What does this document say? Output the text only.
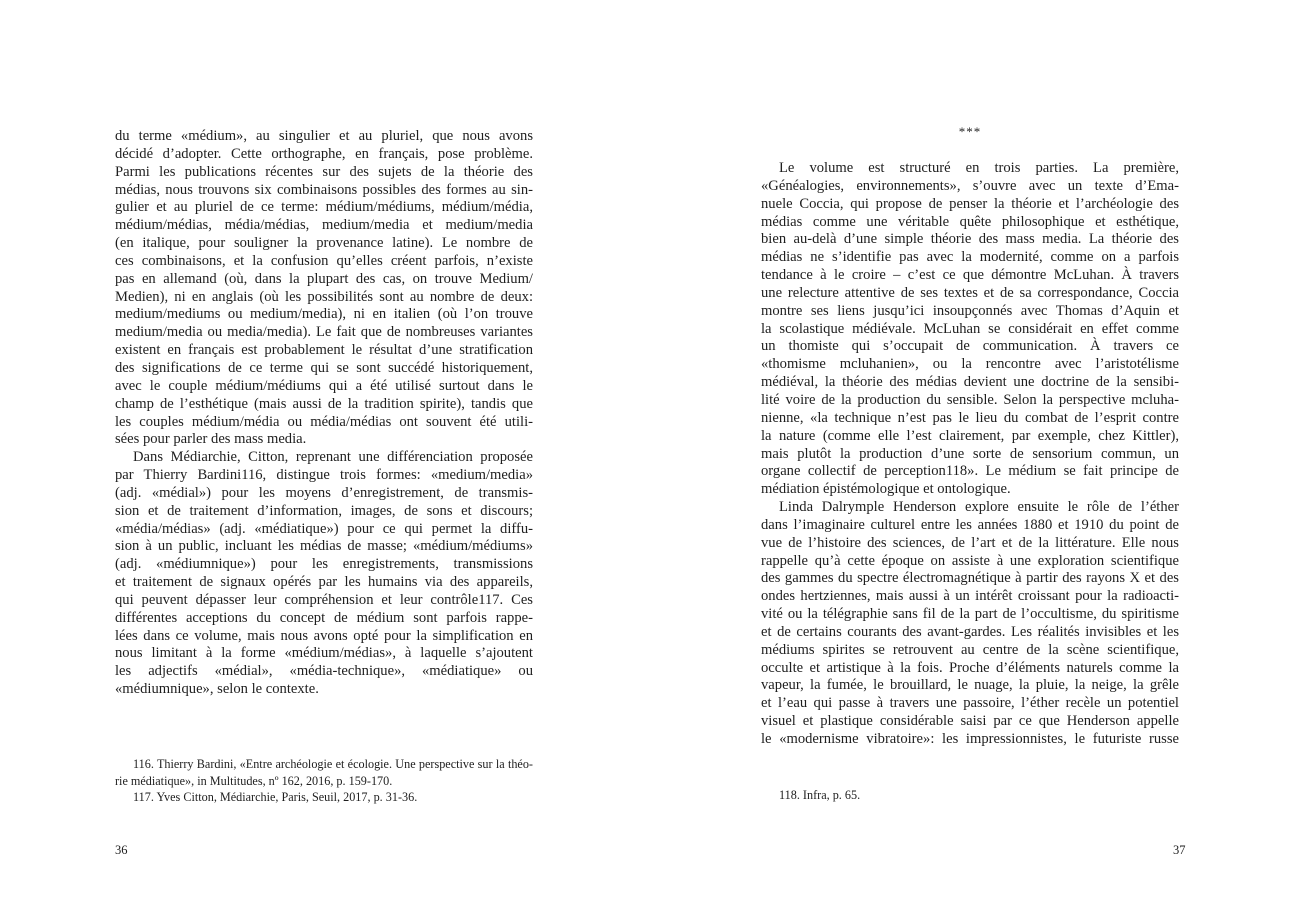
du terme «médium», au singulier et au pluriel, que nous avons
décidé d’adopter. Cette orthographe, en français, pose problème.
Parmi les publications récentes sur des sujets de la théorie des
médias, nous trouvons six combinaisons possibles des formes au sin-
gulier et au pluriel de ce terme: médium/médiums, médium/média,
médium/médias, média/médias, medium/media et medium/media
(en italique, pour souligner la provenance latine). Le nombre de
ces combinaisons, et la confusion qu’elles créent parfois, n’existe
pas en allemand (où, dans la plupart des cas, on trouve Medium/
Medien), ni en anglais (où les possibilités sont au nombre de deux:
medium/mediums ou medium/media), ni en italien (où l’on trouve
medium/media ou media/media). Le fait que de nombreuses variantes
existent en français est probablement le résultat d’une stratification
des significations de ce terme qui se sont succédé historiquement,
avec le couple médium/médiums qui a été utilisé surtout dans le
champ de l’esthétique (mais aussi de la tradition spirite), tandis que
les couples médium/média ou média/médias ont souvent été utili-
sées pour parler des mass media.
Dans Médiarchie, Citton, reprenant une différenciation proposée
par Thierry Bardini116, distingue trois formes: «medium/media»
(adj. «médial») pour les moyens d’enregistrement, de transmis-
sion et de traitement d’information, images, de sons et discours;
«média/médias» (adj. «médiatique») pour ce qui permet la diffu-
sion à un public, incluant les médias de masse; «médium/médiums»
(adj. «médiumnique») pour les enregistrements, transmissions
et traitement de signaux opérés par les humains via des appareils,
qui peuvent dépasser leur compréhension et leur contrôle117. Ces
différentes acceptions du concept de médium sont parfois rappe-
lées dans ce volume, mais nous avons opté pour la simplification en
nous limitant à la forme «médium/médias», à laquelle s’ajoutent
les adjectifs «médial», «média-technique», «médiatique» ou
«médiumnique», selon le contexte.
116. Thierry Bardini, «Entre archéologie et écologie. Une perspective sur la théo-
rie médiatique», in Multitudes, nº 162, 2016, p. 159-170.
117. Yves Citton, Médiarchie, Paris, Seuil, 2017, p. 31-36.
36
***
Le volume est structuré en trois parties. La première,
«Généalogies, environnements», s’ouvre avec un texte d’Ema-
nuele Coccia, qui propose de penser la théorie et l’archéologie des
médias comme une véritable quête philosophique et esthétique,
bien au-delà d’une simple théorie des mass media. La théorie des
médias ne s’identifie pas avec la modernité, comme on a parfois
tendance à le croire – c’est ce que démontre McLuhan. À travers
une relecture attentive de ses textes et de sa correspondance, Coccia
montre ses liens jusqu’ici insoupçonnés avec Thomas d’Aquin et
la scolastique médiévale. McLuhan se considérait en effet comme
un thomiste qui s’occupait de communication. À travers ce
«thomisme mcluhanien», ou la rencontre avec l’aristotélisme
médiéval, la théorie des médias devient une doctrine de la sensibi-
lité voire de la production du sensible. Selon la perspective mcluha-
nienne, «la technique n’est pas le lieu du combat de l’esprit contre
la nature (comme elle l’est clairement, par exemple, chez Kittler),
mais plutôt la production d’une sorte de sensorium commun, un
organe collectif de perception118». Le médium se fait principe de
médiation épistémologique et ontologique.
Linda Dalrymple Henderson explore ensuite le rôle de l’éther
dans l’imaginaire culturel entre les années 1880 et 1910 du point de
vue de l’histoire des sciences, de l’art et de la littérature. Elle nous
rappelle qu’à cette époque on assiste à une exploration scientifique
des gammes du spectre électromagnétique à partir des rayons X et des
ondes hertziennes, mais aussi à un intérêt croissant pour la radioacti-
vité ou la télégraphie sans fil de la part de l’occultisme, du spiritisme
et de certains courants des avant-gardes. Les réalités invisibles et les
médiums spirites se retrouvent au centre de la scène scientifique,
occulte et artistique à la fois. Proche d’éléments naturels comme la
vapeur, la fumée, le brouillard, le nuage, la pluie, la neige, la grêle
et l’eau qui passe à travers une passoire, l’éther recèle un potentiel
visuel et plastique considérable saisi par ce que Henderson appelle
le «modernisme vibratoire»: les impressionnistes, le futuriste russe
118. Infra, p. 65.
37
